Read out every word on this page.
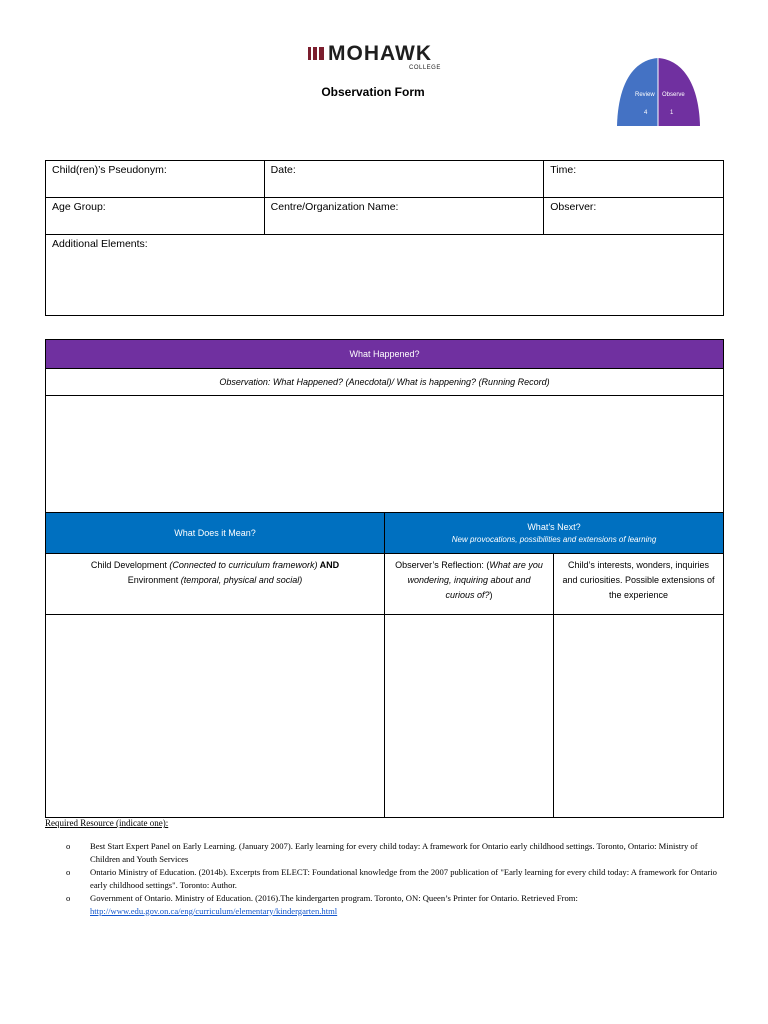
MOHAWK
COLLEGE
Observation Form	Review
4
Observe
1
Child(ren)’s Pseudonym:	Date:	Time:
Age Group:	Centre/Organization Name:	Observer:
Additional Elements:		
What Happened?		
Observation: What Happened? (Anecdotal)/ What is happening? (Running Record)		

What Does it Mean?	What’s Next?
New provocations, possibilities and extensions of learning	

Child Development (Connected to curriculum framework) AND
Environment (temporal, physical and social)	Observer’s Reflection: (What are you wondering, inquiring about and curious of?)	Child’s interests, wonders, inquiries and curiosities. Possible extensions of the experience

Required Resource (indicate one):
o Best Start Expert Panel on Early Learning. (January 2007). Early learning for every child today: A framework for Ontario early childhood settings. Toronto, Ontario: Ministry of Children and Youth Services
o Ontario Ministry of Education. (2014b). Excerpts from ELECT: Foundational knowledge from the 2007 publication of "Early learning for every child today: A framework for Ontario early childhood settings". Toronto: Author.
o Government of Ontario. Ministry of Education. (2016).The kindergarten program. Toronto, ON: Queen’s Printer for Ontario. Retrieved From:
http://www.edu.gov.on.ca/eng/curriculum/elementary/kindergarten.html
